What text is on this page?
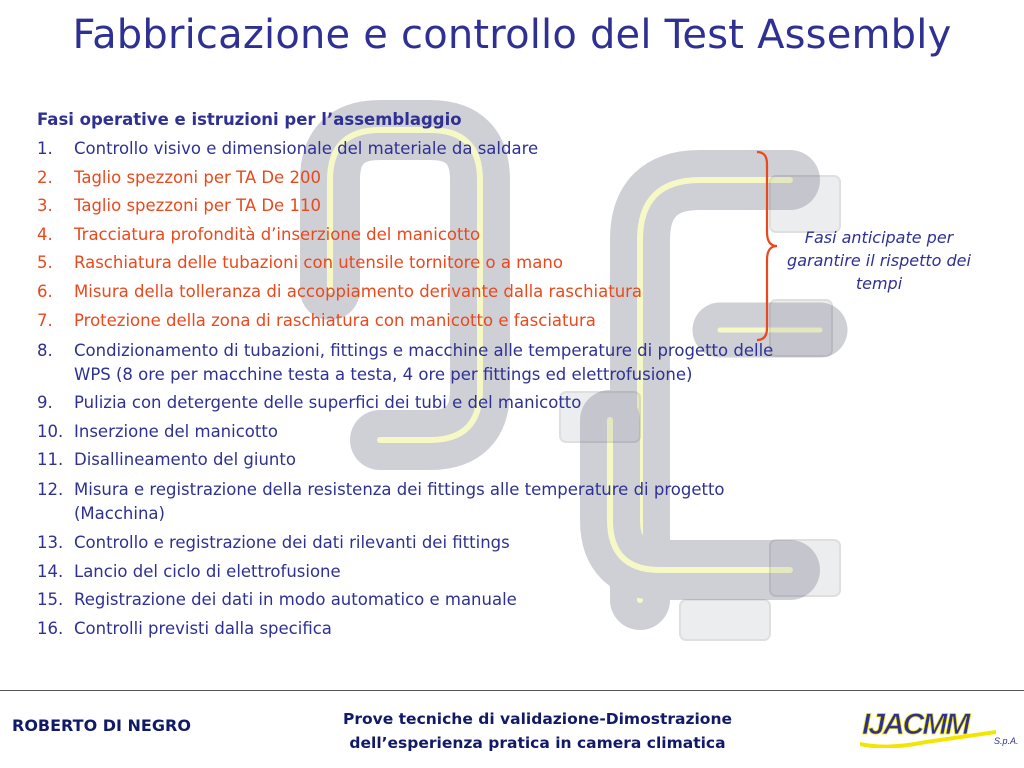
Fabbricazione e controllo del Test Assembly
Fasi operative e istruzioni per l’assemblaggio
1.	Controllo visivo e dimensionale del materiale da saldare
2.	Taglio spezzoni per TA De 200
3.	Taglio spezzoni per TA De 110
4.	Tracciatura profondità d’inserzione del manicotto
5.	Raschiatura delle tubazioni con utensile tornitore o a mano
6.	Misura della tolleranza di accoppiamento derivante dalla raschiatura
7.	Protezione della zona di raschiatura con manicotto e fasciatura
8.	Condizionamento di tubazioni, fittings e macchine alle temperature di progetto delle WPS (8 ore per macchine testa a testa, 4 ore per fittings ed elettrofusione)
9.	Pulizia con detergente delle superfici dei tubi e del manicotto
10. Inserzione del manicotto
11. Disallineamento del giunto
12. Misura e registrazione della resistenza dei fittings alle temperature di progetto (Macchina)
13. Controllo e registrazione dei dati rilevanti dei fittings
14. Lancio del ciclo di elettrofusione
15. Registrazione dei dati in modo automatico e manuale
16. Controlli previsti dalla specifica
Fasi anticipate per garantire il rispetto dei tempi
ROBERTO DI NEGRO	Prove tecniche di validazione-Dimostrazione
dell’esperienza pratica in camera climatica
IJACMM	S.p.A.
